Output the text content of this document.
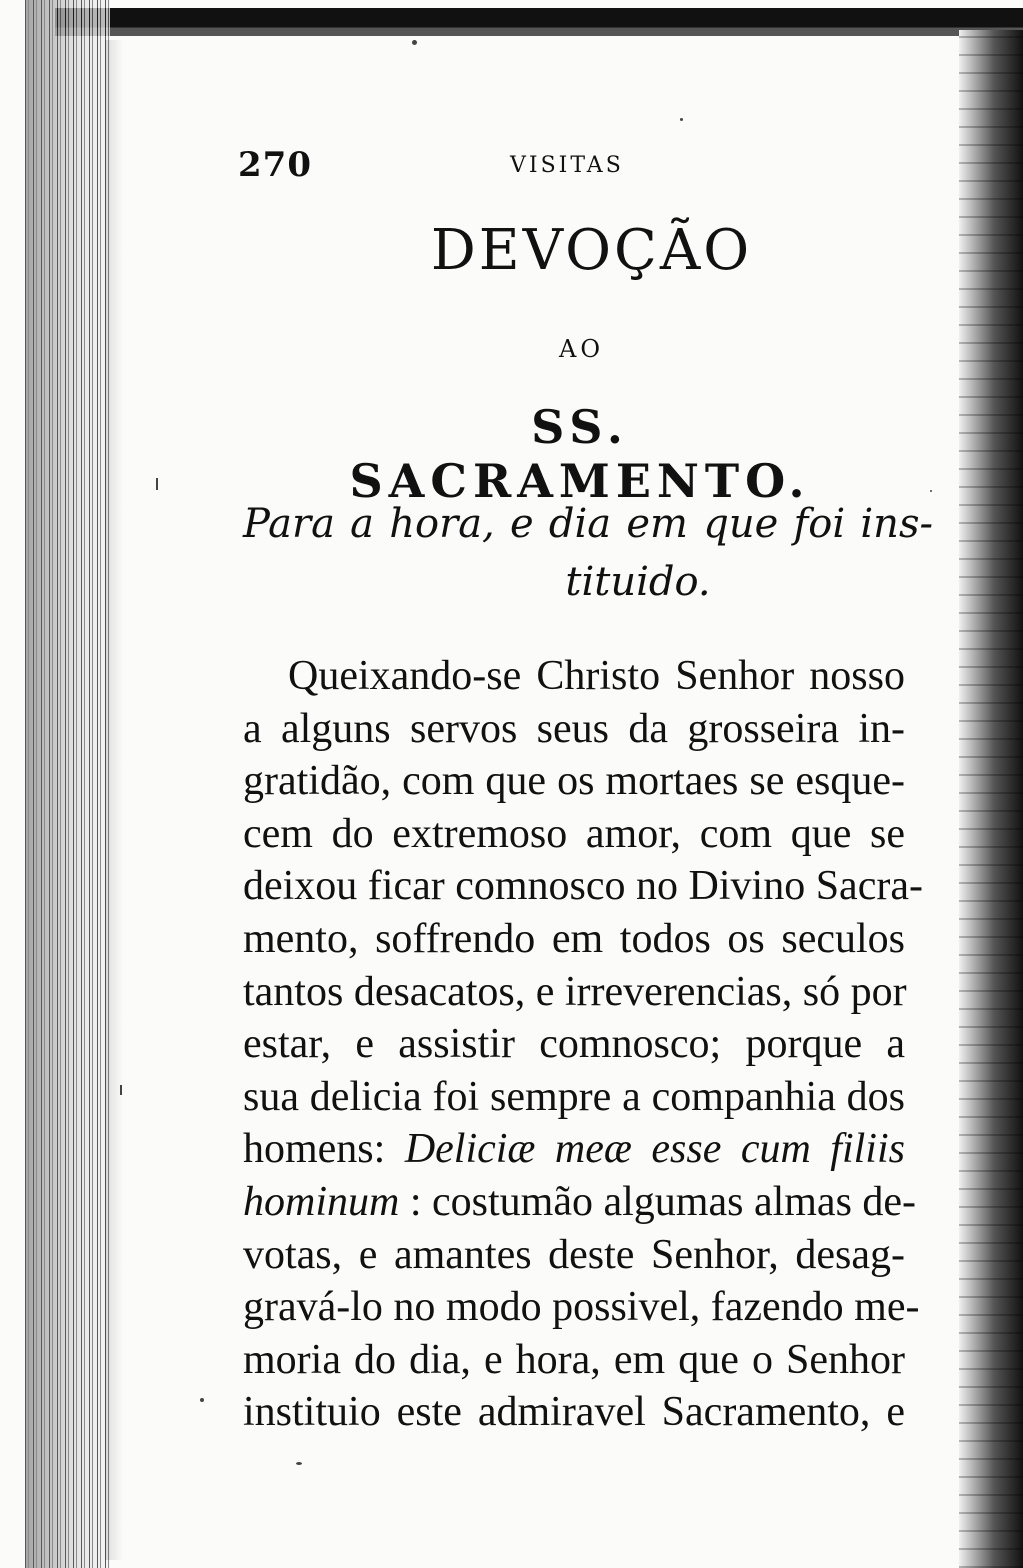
270	VISITAS
DEVOÇÃO
AO
SS. SACRAMENTO.
Para a hora, e dia em que foi ins-
tituido.
Queixando-se Christo Senhor nosso
a alguns servos seus da grosseira in-
gratidão, com que os mortaes se esque-
cem do extremoso amor, com que se
deixou ficar comnosco no Divino Sacra-
mento, soffrendo em todos os seculos
tantos desacatos, e irreverencias, só por
estar, e assistir comnosco; porque a
sua delicia foi sempre a companhia dos
homens: Deliciæ meæ esse cum filiis
hominum : costumão algumas almas de-
votas, e amantes deste Senhor, desag-
gravá-lo no modo possivel, fazendo me-
moria do dia, e hora, em que o Senhor
instituio este admiravel Sacramento, e
